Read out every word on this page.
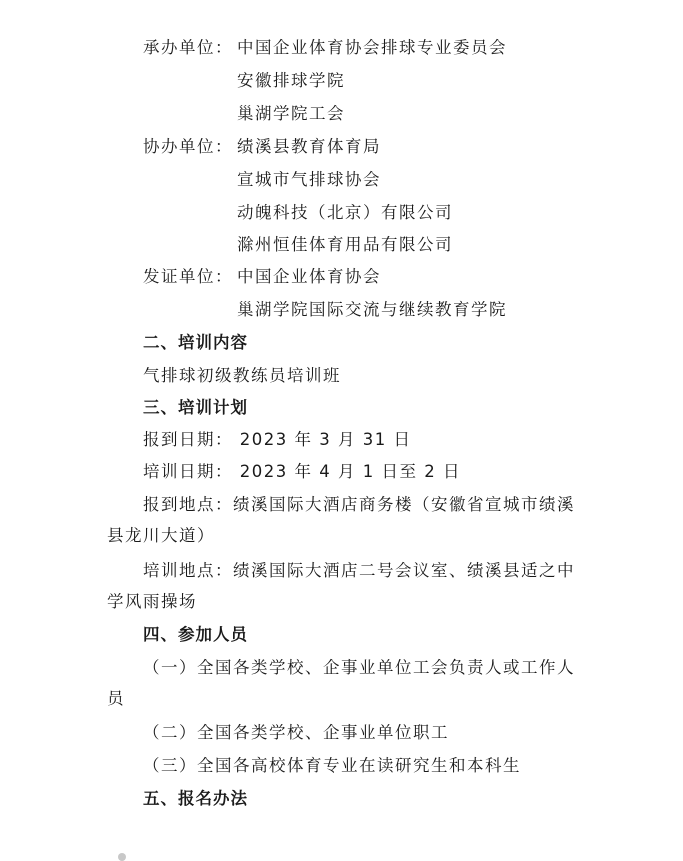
承办单位： 中国企业体育协会排球专业委员会
安徽排球学院
巢湖学院工会
协办单位： 绩溪县教育体育局
宣城市气排球协会
动魄科技（北京）有限公司
滁州恒佳体育用品有限公司
发证单位： 中国企业体育协会
巢湖学院国际交流与继续教育学院
二、培训内容
气排球初级教练员培训班
三、培训计划
报到日期： 2023 年 3 月 31 日
培训日期： 2023 年 4 月 1 日至 2 日
报到地点：绩溪国际大酒店商务楼（安徽省宣城市绩溪
县龙川大道）
培训地点：绩溪国际大酒店二号会议室、绩溪县适之中
学风雨操场
四、参加人员
（一）全国各类学校、企事业单位工会负责人或工作人
员
（二）全国各类学校、企事业单位职工
（三）全国各高校体育专业在读研究生和本科生
五、报名办法
